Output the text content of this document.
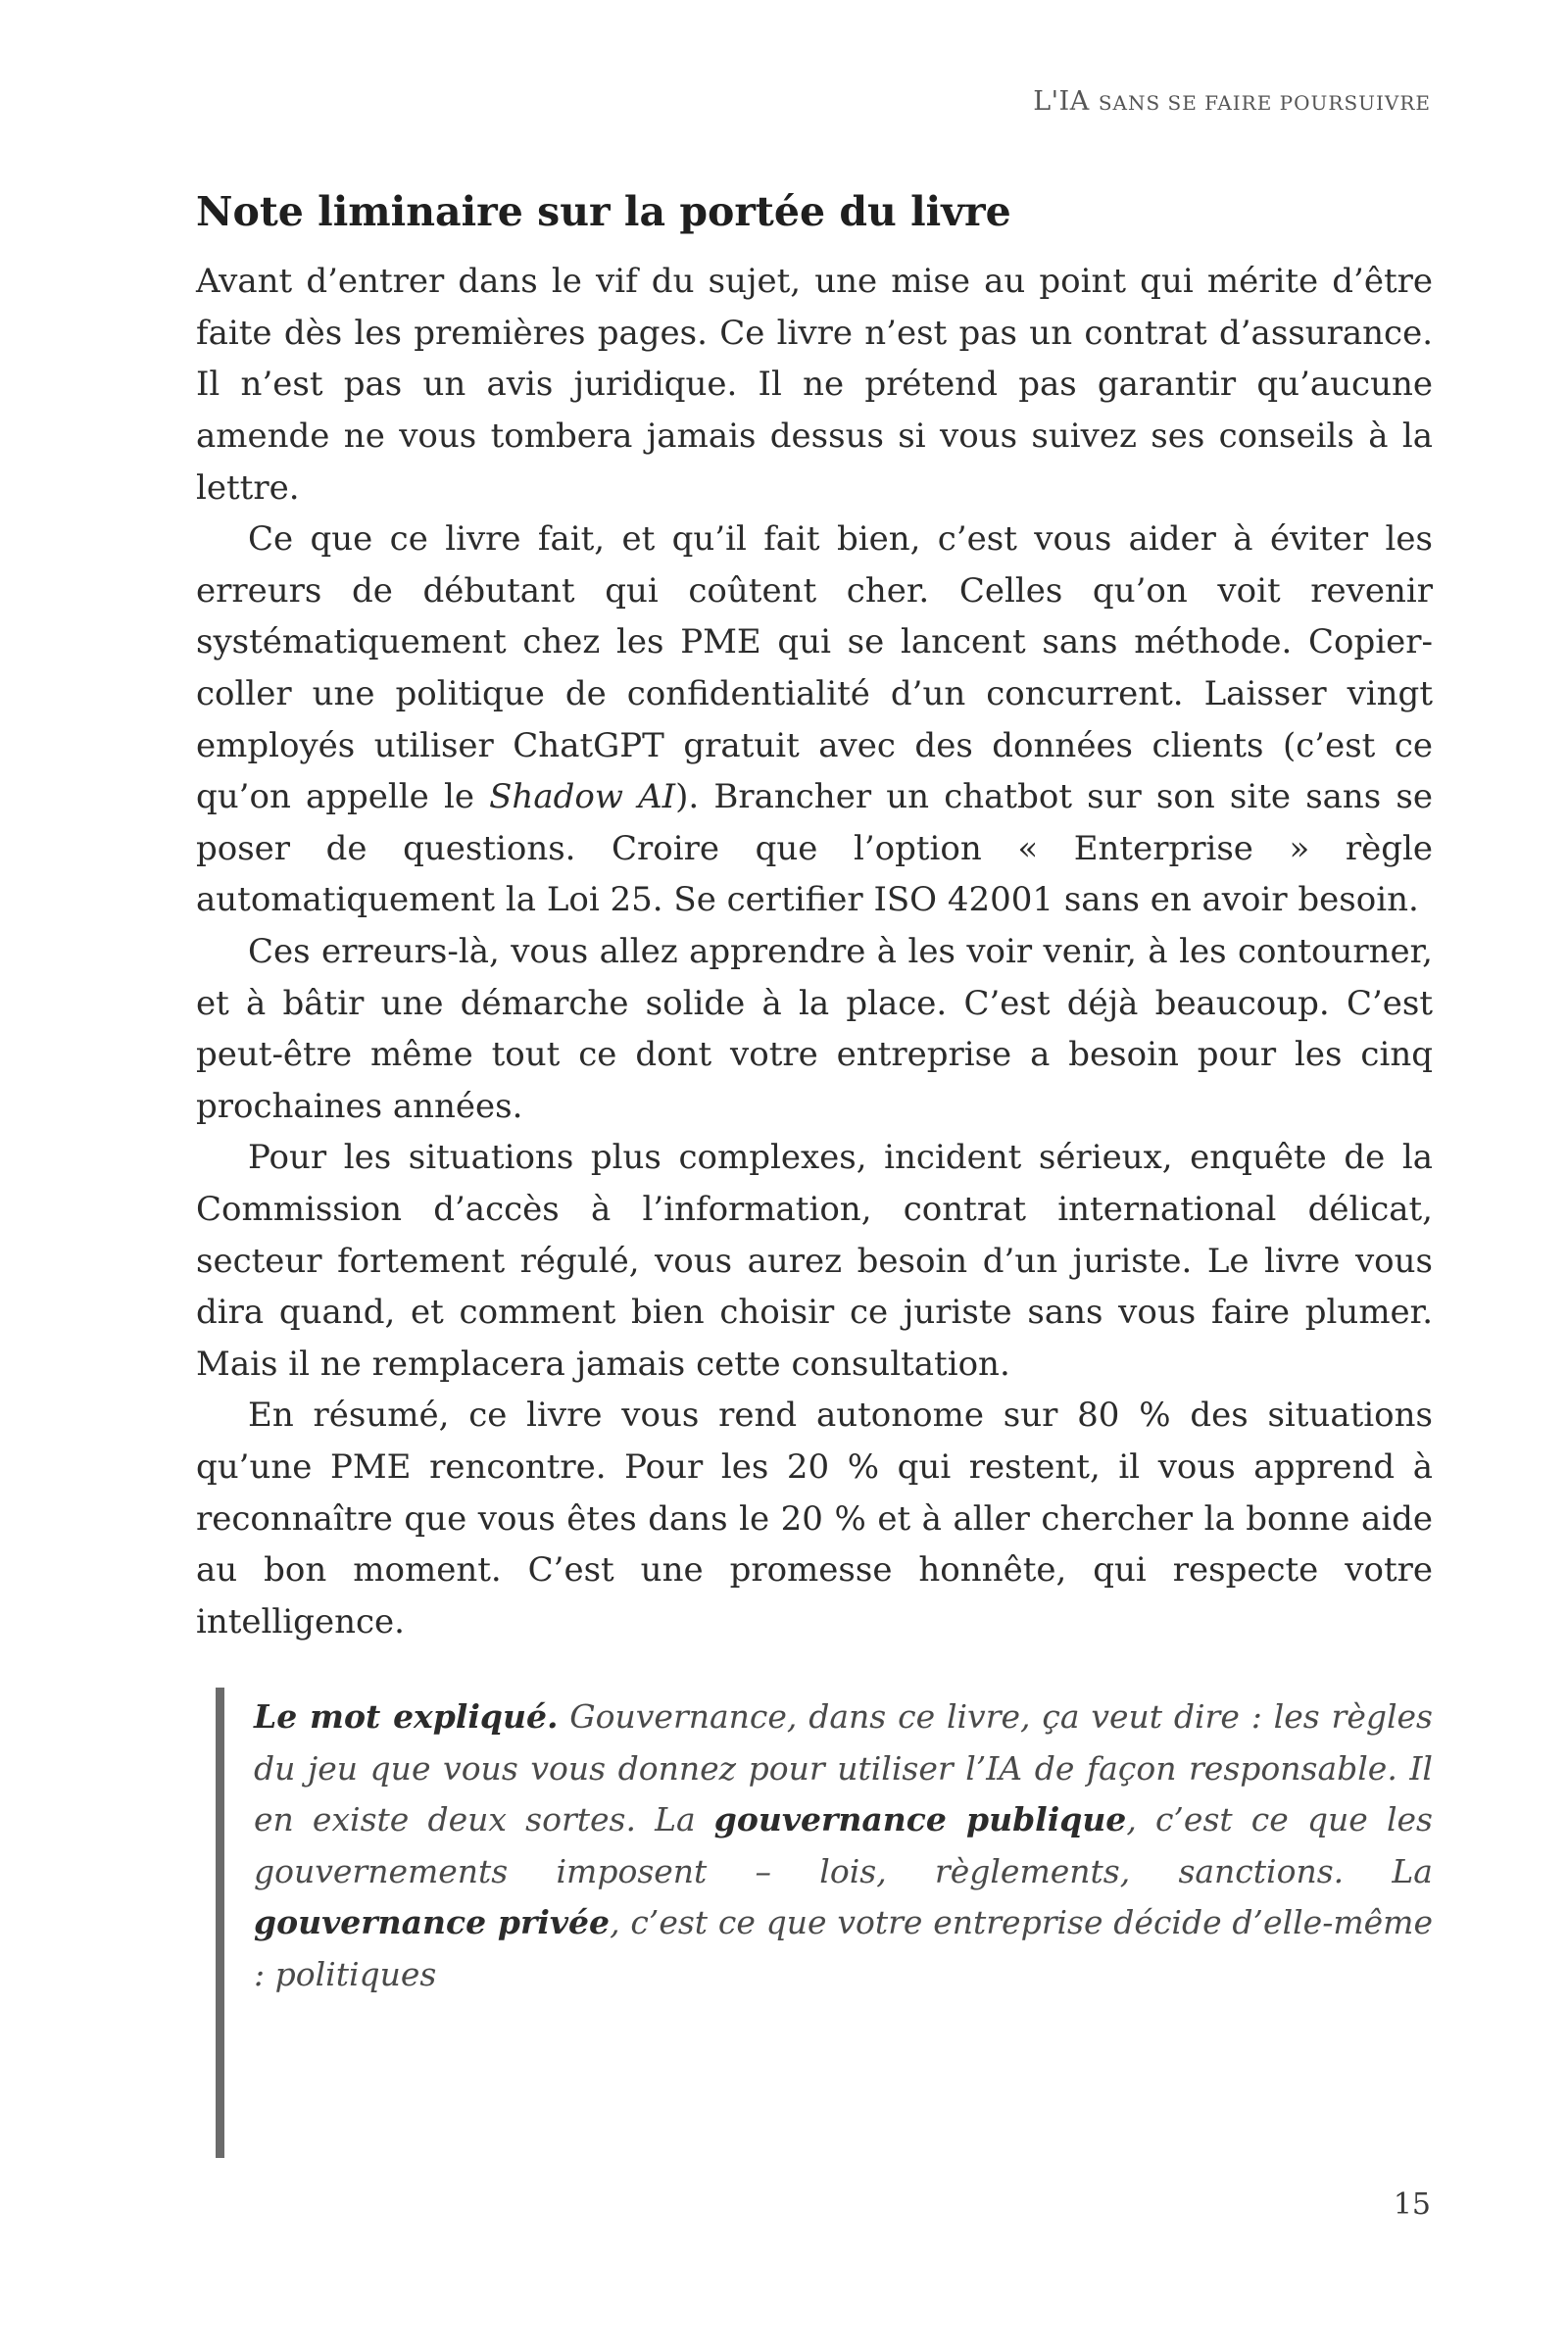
L'IA SANS SE FAIRE POURSUIVRE
Note liminaire sur la portée du livre

Avant d’entrer dans le vif du sujet, une mise au point qui mérite d’être faite dès les premières pages. Ce livre n’est pas un contrat d’assurance. Il n’est pas un avis juridique. Il ne prétend pas garantir qu’aucune amende ne vous tombera jamais dessus si vous suivez ses conseils à la lettre.

Ce que ce livre fait, et qu’il fait bien, c’est vous aider à éviter les erreurs de débutant qui coûtent cher. Celles qu’on voit revenir systématiquement chez les PME qui se lancent sans méthode. Copier-coller une politique de confidentialité d’un concurrent. Laisser vingt employés utiliser ChatGPT gratuit avec des données clients (c’est ce qu’on appelle le Shadow AI). Brancher un chatbot sur son site sans se poser de questions. Croire que l’option « Enterprise » règle automatiquement la Loi 25. Se certifier ISO 42001 sans en avoir besoin.

Ces erreurs-là, vous allez apprendre à les voir venir, à les contourner, et à bâtir une démarche solide à la place. C’est déjà beaucoup. C’est peut-être même tout ce dont votre entreprise a besoin pour les cinq prochaines années.

Pour les situations plus complexes, incident sérieux, enquête de la Commission d’accès à l’information, contrat international délicat, secteur fortement régulé, vous aurez besoin d’un juriste. Le livre vous dira quand, et comment bien choisir ce juriste sans vous faire plumer. Mais il ne remplacera jamais cette consultation.

En résumé, ce livre vous rend autonome sur 80 % des situations qu’une PME rencontre. Pour les 20 % qui restent, il vous apprend à reconnaître que vous êtes dans le 20 % et à aller chercher la bonne aide au bon moment. C’est une promesse honnête, qui respecte votre intelligence.

Le mot expliqué. Gouvernance, dans ce livre, ça veut dire : les règles du jeu que vous vous donnez pour utiliser l’IA de façon responsable. Il en existe deux sortes. La gouvernance publique, c’est ce que les gouvernements imposent – lois, règlements, sanctions. La gouvernance privée, c’est ce que votre entreprise décide d’elle-même : politiques

15
